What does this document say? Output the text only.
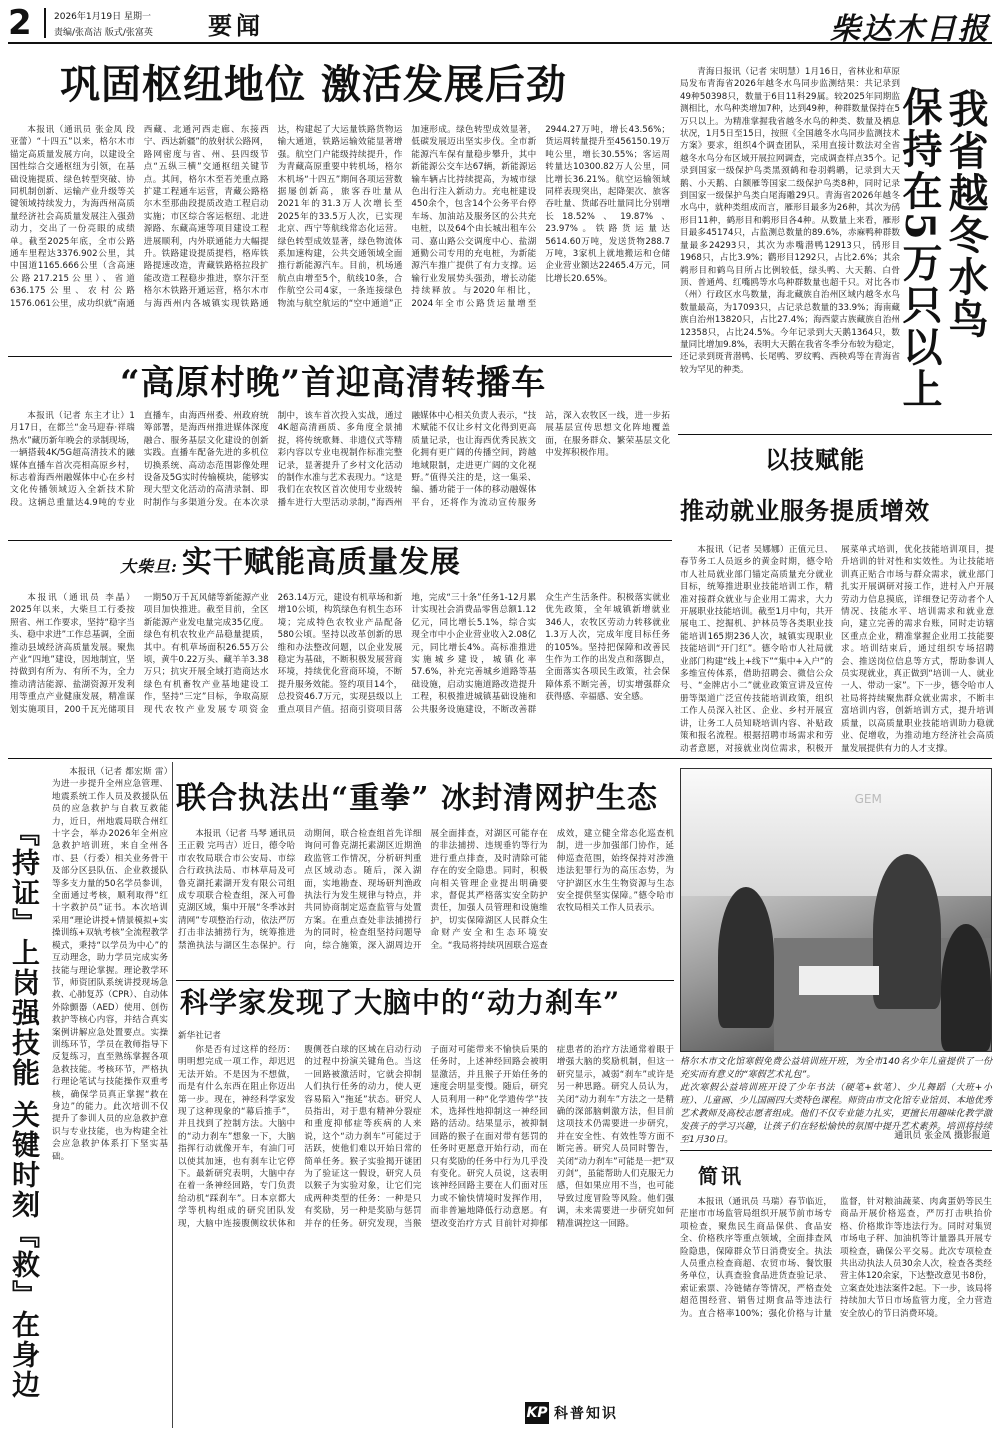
2 2026年1月19日 星期一
责编/张高洁 版式/张富英 要闻	柴达木日报
巩固枢纽地位 激活发展后劲
本报讯（通讯员 张金凤 段亚蕾）“十四五”以来，格尔木市锚定高质量发展方向，以建设全国性综合交通枢纽为引领，在基础设施提质、绿色转型突破、协同机制创新、运输产业升级等关键领域持续发力，为海西州高质量经济社会高质量发展注入强劲动力，交出了一份亮眼的成绩单。截至2025年底，全市公路通车里程达3376.902公里，其中国道1165.666公里（含高速公路217.215公里）、省道636.175公里、农村公路1576.061公里，成功织就“南通西藏、北通河西走廊、东接西宁、西达新疆”的放射状公路网，路网密度与省、州、县四级节点“五纵三横”交通枢纽关键节点。其间，格尔木至若羌重点路扩建工程通车运营，青藏公路格尔木至那曲段提质改造工程启动实施；市区综合客运枢纽、北进源路、东藏高速等项目建设工程进展顺利，内外联通能力大幅提升。铁路建设提质提档，格库铁路提速改造，青藏铁路格拉段扩能改造工程稳步推进，察尔汗至格尔木铁路开通运营，格尔木市与海西州内各城镇实现铁路通达，构建起了大运量铁路货物运输大通道，铁路运输效能显著增强。航空门户能级持续提升，作为青藏高原重要中转机场，格尔木机场“十四五”期间各项运营数据屡创新高，旅客吞吐量从2021年的31.3万人次增长至2025年的33.5万人次，已实现北京、西宁等航线常态化运营。绿色转型成效显著，绿色物流体系加速构建，公共交通领域全面推行新能源汽车。目前，机场通航点由增至5个，航线10条，合作航空公司4家，一条连接绿色物流与航空航运的“空中通道”正加速形成。绿色转型成效显著，低碳发展迈出坚实步伐。全市新能源汽车保有量稳步攀升，其中新能源公交车达67辆，新能源运输车辆占比持续提高，为城市绿色出行注入新动力。充电桩建设450余个，包含14个公务平台停车场、加油站及服务区的公共充电桩，以及64个由长城出租车公司、嘉山路公交调度中心、盐湖通勤公司专用的充电桩，为新能源汽车推广提供了有力支撑。运输行业发展势头强劲，增长动能持续释放。与2020年相比，2024年全市公路货运量增至2944.27万吨，增长43.56%；货运周转量提升至456150.19万吨公里，增长30.55%；客运周转量达10300.82万人公里，同比增长36.21%。航空运输领域同样表现突出，起降架次、旅客吞吐量、货邮吞吐量同比分别增长18.52%、19.87%、23.97%。铁路货运量达5614.60万吨，发送货物288.7万吨，3家机上就地搬运和仓储企业营业额达22465.4万元，同比增长20.65%。	我省越冬水鸟
保持在5万只以上
青海日报讯（记者 宋明慧）1月16日，省林业和草原局发布青海省2026年越冬水鸟同步监测结果：共记录到49种50398只，数量于6目11科29属。较2025年同期监测相比，水鸟种类增加7种，达到49种，种群数量保持在5万只以上。为精准掌握我省越冬水鸟的种类、数量及栖息状况，1月5日至15日，按照《全国越冬水鸟同步监测技术方案》要求，组织4个调查团队，采用直接计数法对全省越冬水鸟分布区域开展拉网调查，完成调查样点35个。记录到国家一级保护鸟类黑颈鹤和卷羽鹈鹕，记录到大天鹅、小天鹅、白额雁等国家二级保护鸟类8种，同时记录到国家一级保护鸟类白尾海雕29只。青海省2026年越冬水鸟中，就种类组成而言，雁形目最多为26种，其次为鸻形目11种，鹤形目和鹈形目各4种。从数量上来看，雁形目最多45174只，占监测总数量的89.6%，赤麻鸭种群数量最多24293只，其次为赤嘴潜鸭12913只，鸻形目1968只，占比3.9%；鹳形目1292只，占比2.6%；其余鹈形目和鹤鸟目所占比例较低，绿头鸭、大天鹅、白骨顶、普通鸬、红嘴鸥等水鸟种群数量也超千只。对比各市（州）行政区水鸟数量，海北藏族自治州区域内越冬水鸟数量最高，为17093只，占记录总数量的33.9%；海南藏族自治州13820只，占比27.4%；海西蒙古族藏族自治州12358只，占比24.5%。今年记录到大天鹅1364只，数量同比增加9.8%，表明大天鹅在我省冬季分布较为稳定，还记录到斑背潜鸭、长尾鸭、罗纹鸭、西秧鸡等在青海省较为罕见的种类。
“高原村晚”首迎高清转播车
本报讯（记者 东主才让）1月17日，在都兰“金马迎春·祥瑞热水”藏历新年晚会的录制现场，一辆搭载4K/5G超高清技术的融媒体直播车首次亮相高原乡村，标志着海西州融媒体中心在乡村文化传播领域迈入全新技术阶段。这辆总重量达4.9吨的专业直播车，由海西州委、州政府统筹部署，是海西州推进媒体深度融合、服务基层文化建设的创新实践。直播车配备先进的多机位切换系统、高动态范围影像处理设备及5G实时传输模块，能够实现大型文化活动的高清录制、即时制作与多渠道分发。在本次录制中，该车首次投入实战，通过4K超高清画质、多角度全景捕捉，将传统歌舞、非遗仪式等精彩内容以专业电视制作标准完整记录，显著提升了乡村文化活动的制作水准与艺术表现力。“这是我们在农牧区首次使用专业级转播车进行大型活动录制，”海西州融媒体中心相关负责人表示，“技术赋能不仅让乡村文化得到更高质量记录，也让海西优秀民族文化拥有更广阔的传播空间，跨越地域限制，走进更广阔的文化视野。”值得关注的是，这一集采、编、播功能于一体的移动融媒体平台，还将作为流动宣传服务站，深入农牧区一线，进一步拓展基层宣传思想文化阵地覆盖面，在服务群众、繁荣基层文化中发挥积极作用。
大柴旦: 实干赋能高质量发展
本报讯（通讯员 李晶）2025年以来，大柴旦工行委按照省、州工作要求，坚持“稳字当头、稳中求进”工作总基调，全面推动县域经济高质量发展。聚焦产业“四地”建设，因地制宜，坚持做到有所为、有所不为，全力推动清洁能源、盐湖资源开发利用等重点产业健康发展，精准谋划实施项目，200千瓦光储项目一期50万千瓦风储等新能源产业项目加快推进。截至目前，全区新能源产业发电量完成35亿度。绿色有机农牧业产品稳量提质，其中。有机草场面积26.55万公顷，黄牛0.22万头、藏羊羊3.38万只；抗灾开展全域打造商达水绿色有机畜牧产业基地建设工作，坚持“三定”目标，争取高原现代农牧产业发展专项资金263.14万元，建设有机草场和新增10公顷，构筑绿色有机生态环境；完成特色农牧业产品配备580公顷。坚持以改革创新的思维和办法整改问题，以企业发展稳定为基础，不断积极发展营商环境，持续优化营商环境，不断提升服务效能。签约项目14个，总投资46.7万元，实现县级以上重点项目产值。招商引资项目落地，完成“三十条”任务1-12月累计实现社会消费品零售总额1.12亿元，同比增长5.1%，综合实现全市中小企业营业收入2.08亿元，同比增长4%。高标准推进实施城乡建设，城镇化率57.6%，补充完善城乡道路等基础设施，启动实施道路改造提升工程，积极推进城镇基础设施和公共服务设施建设，不断改善群众生产生活条件。积极落实就业优先政策，全年城镇新增就业346人，农牧区劳动力转移就业1.3万人次，完成年度目标任务的105%。坚持把保障和改善民生作为工作的出发点和落脚点，全面落实各项民生政策，社会保障体系不断完善，切实增强群众获得感、幸福感、安全感。
以技赋能
推动就业服务提质增效
本报讯（记者 吴娜娜）正值元旦、春节务工人员返乡的黄金时期，德令哈市人社局就业部门锚定高质量充分就业目标，统筹推进职业技能培训工作，精准对接群众就业与企业用工需求，大力开展职业技能培训。截至1月中旬，共开展电工、挖掘机、护林员等各类职业技能培训165期236人次，城镇实现职业技能培训“开门红”。德令哈市人社局就业部门构建“线上+线下”“集中+入户”的多维宣传体系，借助招聘会、微信公众号、“金牌店小二”就业政策宣讲及宣传册等渠道广泛宣传技能培训政策，组织工作人员深入社区、企业、乡村开展宣讲，让务工人员知晓培训内容、补贴政策和报名流程。根据招聘市场需求和劳动者意愿，对接就业岗位需求，积极开展菜单式培训，优化技能培训项目，提升培训的针对性和实效性。为让技能培训真正贴合市场与群众需求，就业部门扎实开展调研对接工作，进村入户开展劳动力信息摸底，详细登记劳动者个人情况、技能水平、培训需求和就业意向，建立完善的需求台账，同时走访辖区重点企业，精准掌握企业用工技能要求。培训结束后，通过组织专场招聘会、推送岗位信息等方式，帮助参训人员实现就业，真正做到“培训一人、就业一人、带动一家”。下一步，德令哈市人社局将持续聚焦群众就业需求，不断丰富培训内容，创新培训方式，提升培训质量，以高质量职业技能培训助力稳就业、促增收，为推动地方经济社会高质量发展提供有力的人才支撑。
『持证』上岗强技能 关键时刻『救』在身边
本报讯（记者 都宏斯 雷）为进一步提升全州应急管理、地震系统工作人员及救援队伍员的应急救护与自救互救能力，近日，州地震局联合州红十字会，举办2026年全州应急救护培训班，来自全州各市、县（行委）相关业务骨干及部分区县队伍、企业救援队等多支力量的50名学员参训，全面通过考核，顺利取得“红十字救护员”证书。本次培训采用“理论讲授+情景模拟+实操训练+双轨考核”全流程教学模式，秉持“以学员为中心”的互动理念，助力学员完成实务技能与理论掌握。理论教学环节，师资团队系统讲授现场急救、心肺复苏（CPR）、自动体外除颤器（AED）使用、创伤救护等核心内容，并结合真实案例讲解应急处置要点。实操训练环节，学员在教师指导下反复练习，直至熟练掌握各项急救技能。考核环节，严格执行理论笔试与技能操作双重考核，确保学员真正掌握“救在身边”的能力。此次培训不仅提升了参训人员的应急救护意识与专业技能，也为构建全社会应急救护体系打下坚实基础。
联合执法出“重拳” 冰封清网护生态
本报讯（记者 马琴 通讯员 王正毅 完玛吉）近日，德令哈市农牧局联合市公安局、市综合行政执法局、市林草局及可鲁克湖托素湖开发有限公司组成专项联合检查组，深入可鲁克湖区域，集中开展“冬季冰封清网”专项整治行动，依法严厉打击非法捕捞行为，统筹推进禁渔执法与湖区生态保护。行动期间，联合检查组首先详细询问可鲁克湖托素湖区近期渔政监管工作情况，分析研判重点区域动态。随后，深入湖面，实地勘查、现场研判渔政执法行为发生规律与特点，并共同协商制定巡查监管与处置方案。在重点查处非法捕捞行为的同时，检查组坚持问题导向，综合施策，深入湖周边开展全面排查，对湖区可能存在的非法捕捞、违规垂钓等行为进行重点排查，及时清除可能存在的安全隐患。同时，积极向相关管理企业提出明确要求，督促其严格落实安全防护责任，加强人员管理和设施维护，切实保障湖区人民群众生命财产安全和生态环境安全。“我局将持续巩固联合巡查成效，建立健全常态化巡查机制，进一步加强部门协作，延伸巡查范围，始终保持对涉渔违法犯罪行为的高压态势，为守护湖区水生生物资源与生态安全提供坚实保障。”德令哈市农牧局相关工作人员表示。
GEM
格尔木市文化馆寒假免费公益培训班开班，为全市140名少年儿童提供了一份充实而有意义的“寒假艺术礼包”。
此次寒假公益培训班开设了少年书法（硬笔+软笔）、少儿舞蹈（大班+小班）、儿童画、少儿国画四大类特色课程。师资由市文化馆专业馆员、本地优秀艺术教师及高校志愿者组成。他们不仅专业能力扎实，更擅长用趣味化教学激发孩子的学习兴趣，让孩子们在轻松愉快的氛围中提升艺术素养。培训将持续至1月30日。	通讯员 张金凤 摄影报道
科学家发现了大脑中的“动力刹车”
新华社记者
你是否有过这样的经历：明明想完成一项工作，却迟迟无法开始。不是因为不想做，而是有什么东西在阻止你迈出第一步。现在，神经科学家发现了这种现象的“幕后推手”，并且找到了控制方法。大脑中的“动力刹车”想象一下，大脑指挥行动就像开车，有油门可以使其加速，也有刹车让它停下。最新研究表明，大脑中存在着一条神经回路，专门负责给动机“踩刹车”。日本京都大学等机构组成的研究团队发现，大脑中连接腹侧纹状体和腹侧苍白球的区域在启动行动的过程中扮演关键角色。当这一回路被激活时，它就会抑制人们执行任务的动力，使人更容易陷入“拖延”状态。研究人员指出，对于患有精神分裂症和重度抑郁症等疾病的人来说，这个“动力刹车”可能过于活跃，使他们难以开始日常的简单任务。猴子实验揭开谜团 为了验证这一假设，研究人员以猴子为实验对象，让它们完成两种类型的任务：一种是只有奖励，另一种是奖励与惩罚并存的任务。研究发现，当猴子面对可能带来不愉快后果的任务时，上述神经回路会被明显激活，并且猴子开始任务的速度会明显变慢。随后，研究人员利用一种“化学遗传学”技术，选择性地抑制这一神经回路的活动。结果显示，被抑制回路的猴子在面对带有惩罚的任务时更愿意开始行动，而在只有奖励的任务中行为几乎没有变化。研究人员说，这表明该神经回路主要在人们面对压力或不愉快情境时发挥作用，而非普遍地降低行动意愿。有望改变治疗方式 目前针对抑郁症患者的治疗方法通常着眼于增强大脑的奖励机制，但这一研究显示，减弱“刹车”或许是另一种思路。研究人员认为，关闭“动力刹车”方法之一是精确的深部脑刺激方法，但目前这项技术仍需要进一步研究，并在安全性、有效性等方面不断完善。研究人员同时警告，关闭“动力刹车”可能是一把“双刃剑”，虽能帮助人们克服无力感，但如果应用不当，也可能导致过度冒险等风险。他们强调，未来需要进一步研究如何精准调控这一回路。
KP 科普知识
简讯
本报讯（通讯员 马瑞）春节临近，茫崖市市场监管局组织开展节前市场专项检查，聚焦民生商品保供、食品安全、价格秩序等重点领域，全面排查风险隐患，保障群众节日消费安全。执法人员重点检查商超、农贸市场、餐饮服务单位，认真查验食品进货查验记录、索证索票、冷链储存等情况，严格查处超范围经营、销售过期食品等违法行为。直合格率100%；强化价格与计量监督，针对粮油蔬菜、肉禽蛋奶等民生商品开展价格巡查，严厉打击哄抬价格、价格欺诈等违法行为。同时对集贸市场电子秤、加油机等计量器具开展专项检查，确保公平交易。此次专项检查共出动执法人员30余人次，检查各类经营主体120余家，下达整改意见书8份，立案查处违法案件2起。下一步，该局将持续加大节日市场监管力度，全力营造安全放心的节日消费环境。
